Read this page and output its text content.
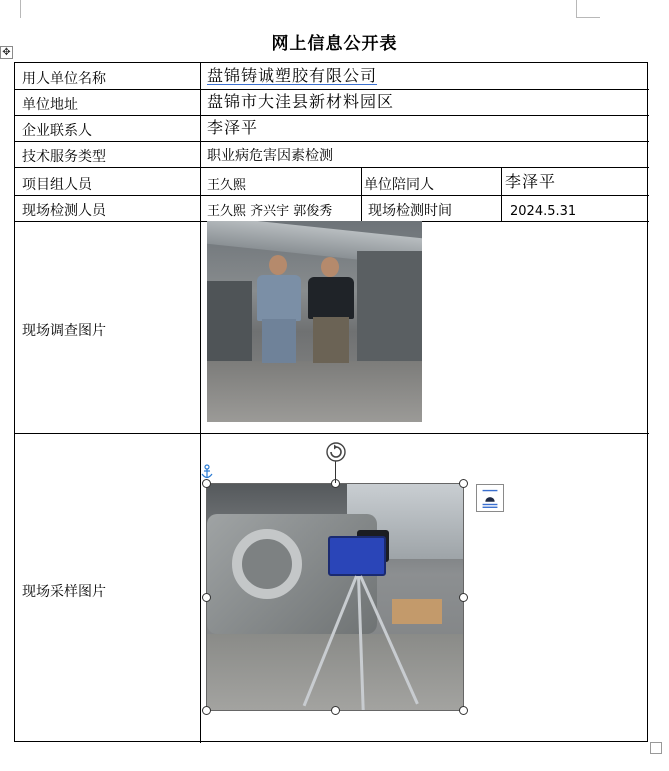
✥	网上信息公开表
用人单位名称	盘锦铸诚塑胶有限公司
单位地址	盘锦市大洼县新材料园区
企业联系人	李泽平
技术服务类型	职业病危害因素检测
项目组人员	王久熙	单位陪同人	李泽平
现场检测人员	王久熙 齐兴宇 郭俊秀	现场检测时间	2024.5.31
现场调查图片
现场采样图片
